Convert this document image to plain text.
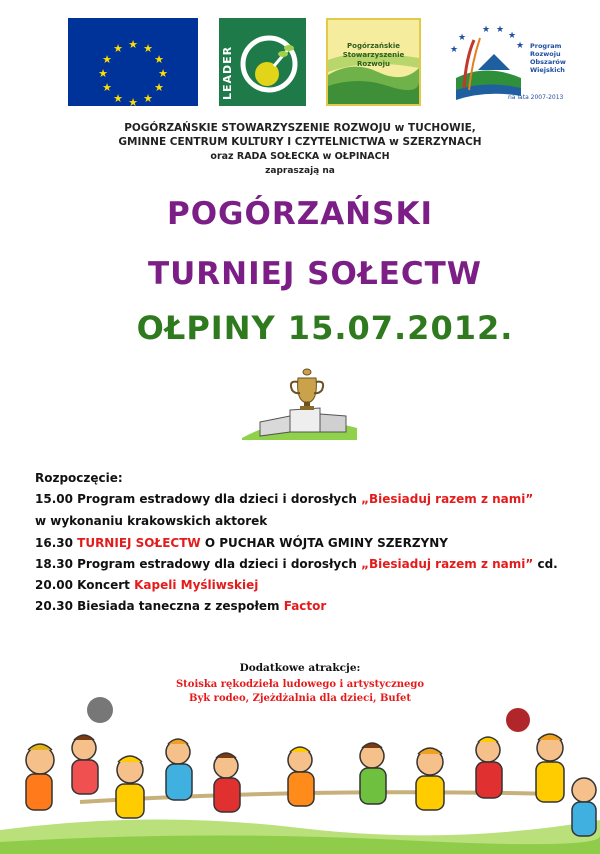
★ ★
★
★
★
★
★
★
★
★
★
★	LEADER	Pogórzańskie
Stowarzyszenie
Rozwoju
★
★
★ ★
★
★ Program
Rozwoju
Obszarów
Wiejskich
na lata 2007-2013
POGÓRZAŃSKIE STOWARZYSZENIE ROZWOJU w TUCHOWIE,
GMINNE CENTRUM KULTURY I CZYTELNICTWA w SZERZYNACH
oraz RADA SOŁECKA w OŁPINACH
zapraszają na
POGÓRZAŃSKI
TURNIEJ SOŁECTW
OŁPINY 15.07.2012.
Rozpoczęcie:
15.00 Program estradowy dla dzieci i dorosłych „Biesiaduj razem z nami”
w wykonaniu krakowskich aktorek
16.30 TURNIEJ SOŁECTW O PUCHAR WÓJTA GMINY SZERZYNY
18.30 Program estradowy dla dzieci i dorosłych „Biesiaduj razem z nami” cd.
20.00 Koncert Kapeli Myśliwskiej
20.30 Biesiada taneczna z zespołem Factor
Dodatkowe atrakcje:
Stoiska rękodzieła ludowego i artystycznego
Byk rodeo, Zjeżdżalnia dla dzieci, Bufet
